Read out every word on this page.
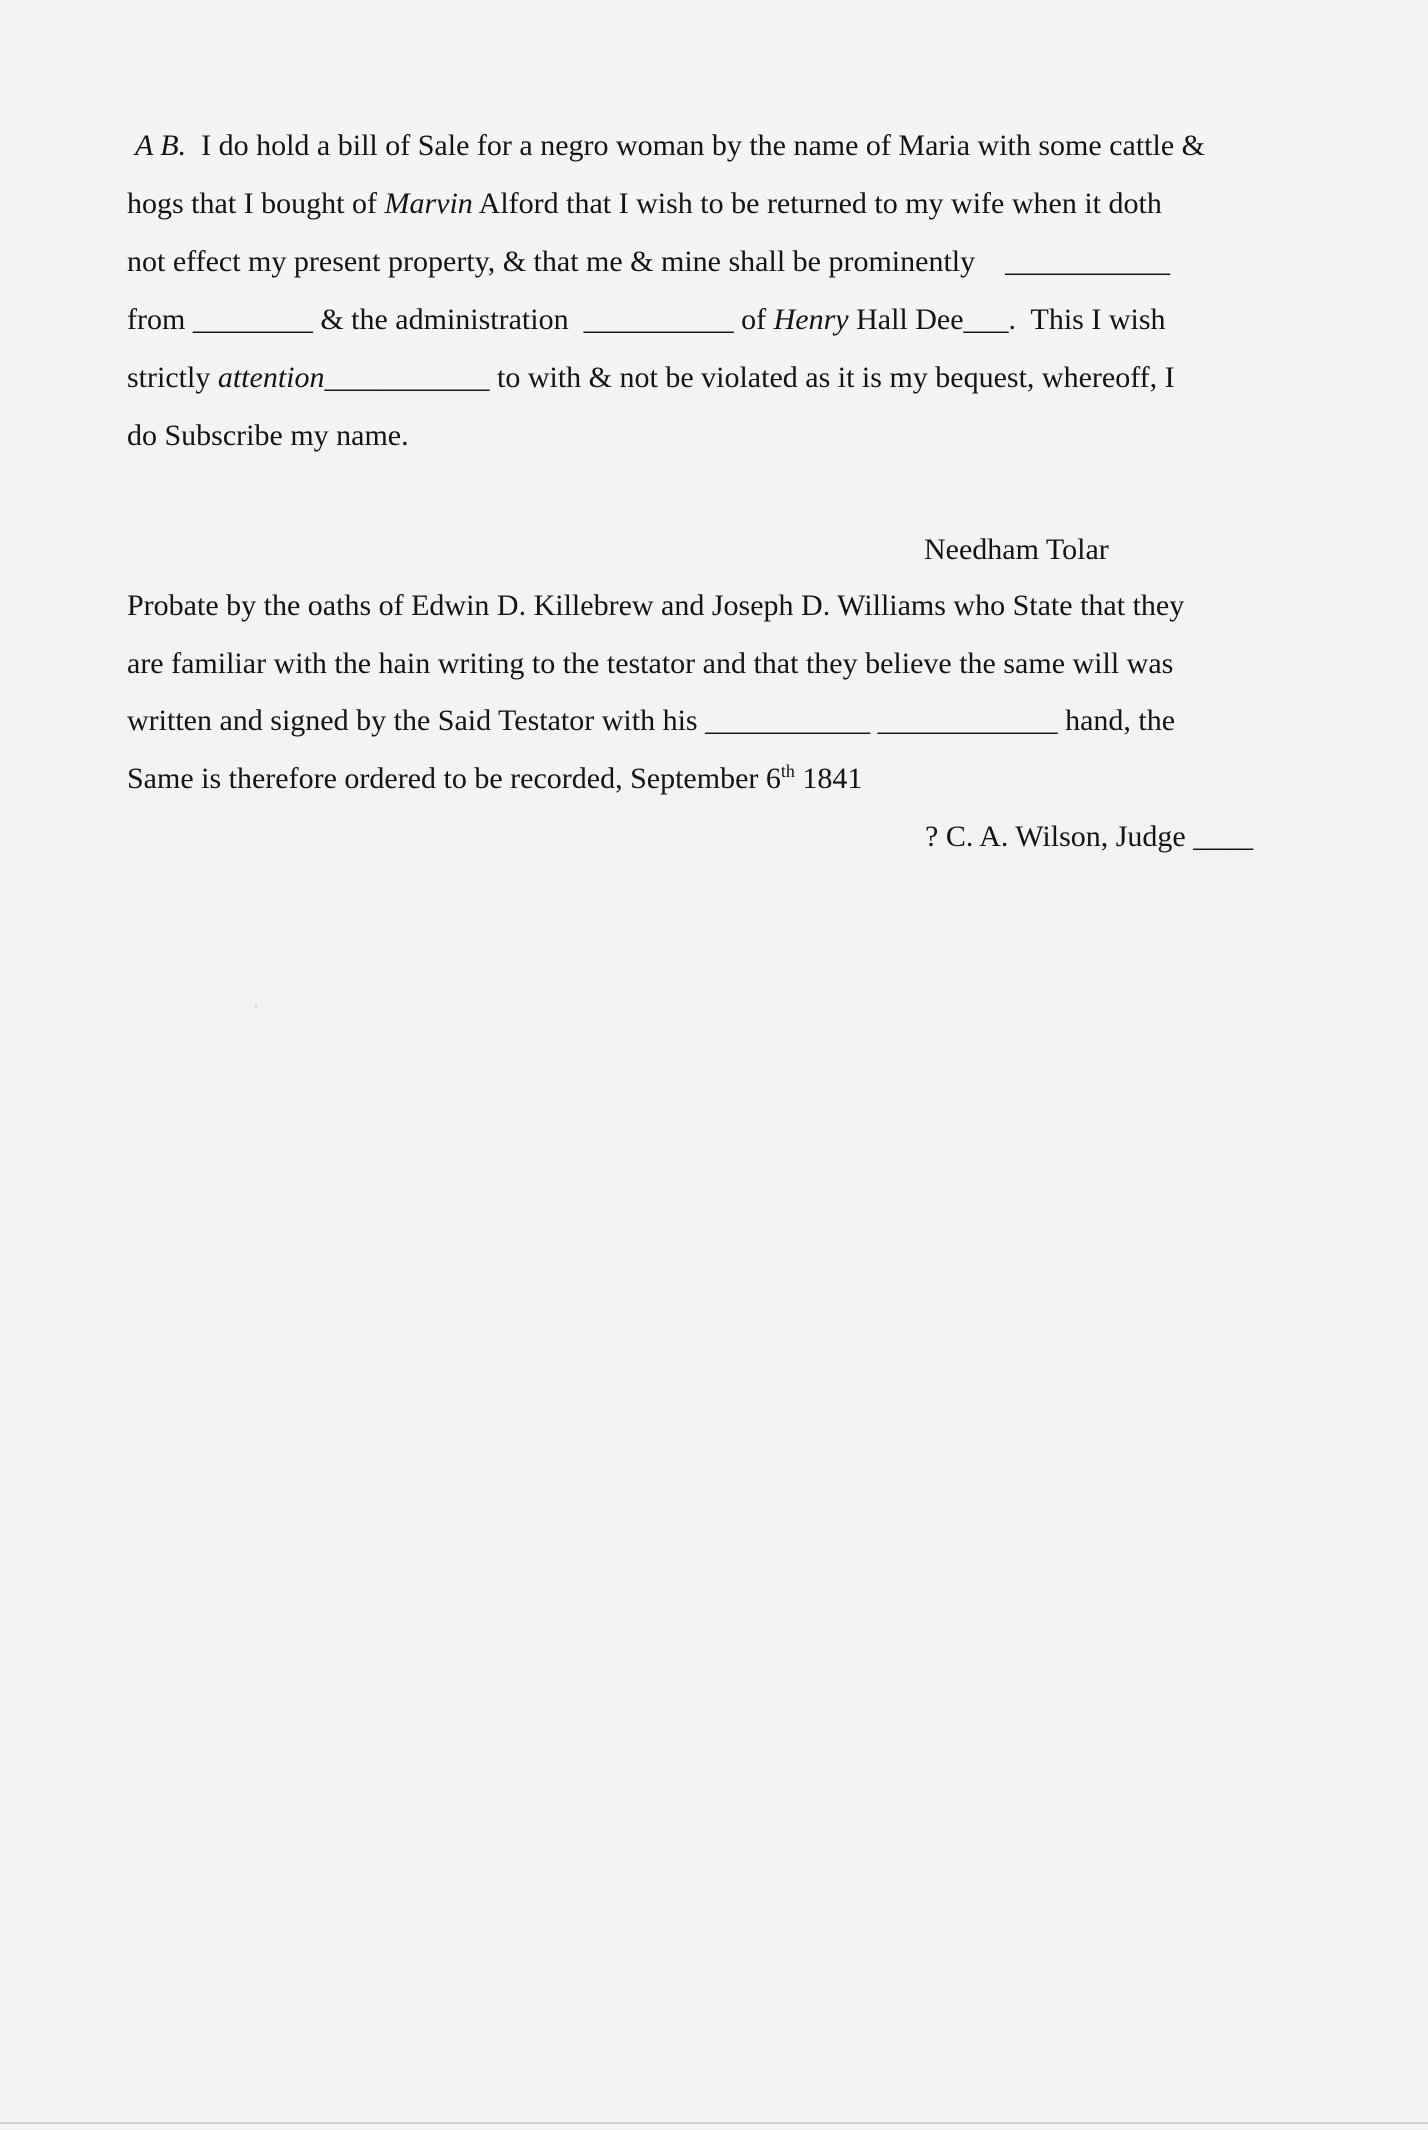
A B.  I do hold a bill of Sale for a negro woman by the name of Maria with some cattle &
hogs that I bought of Marvin Alford that I wish to be returned to my wife when it doth
not effect my present property, & that me & mine shall be prominently    ___________
from ________ & the administration  __________ of Henry Hall Dee___.  This I wish
strictly attention___________ to with & not be violated as it is my bequest, whereoff, I
do Subscribe my name.
Needham Tolar
Probate by the oaths of Edwin D. Killebrew and Joseph D. Williams who State that they
are familiar with the hain writing to the testator and that they believe the same will was
written and signed by the Said Testator with his ___________ ____________ hand, the
Same is therefore ordered to be recorded, September 6th 1841
? C. A. Wilson, Judge ____
